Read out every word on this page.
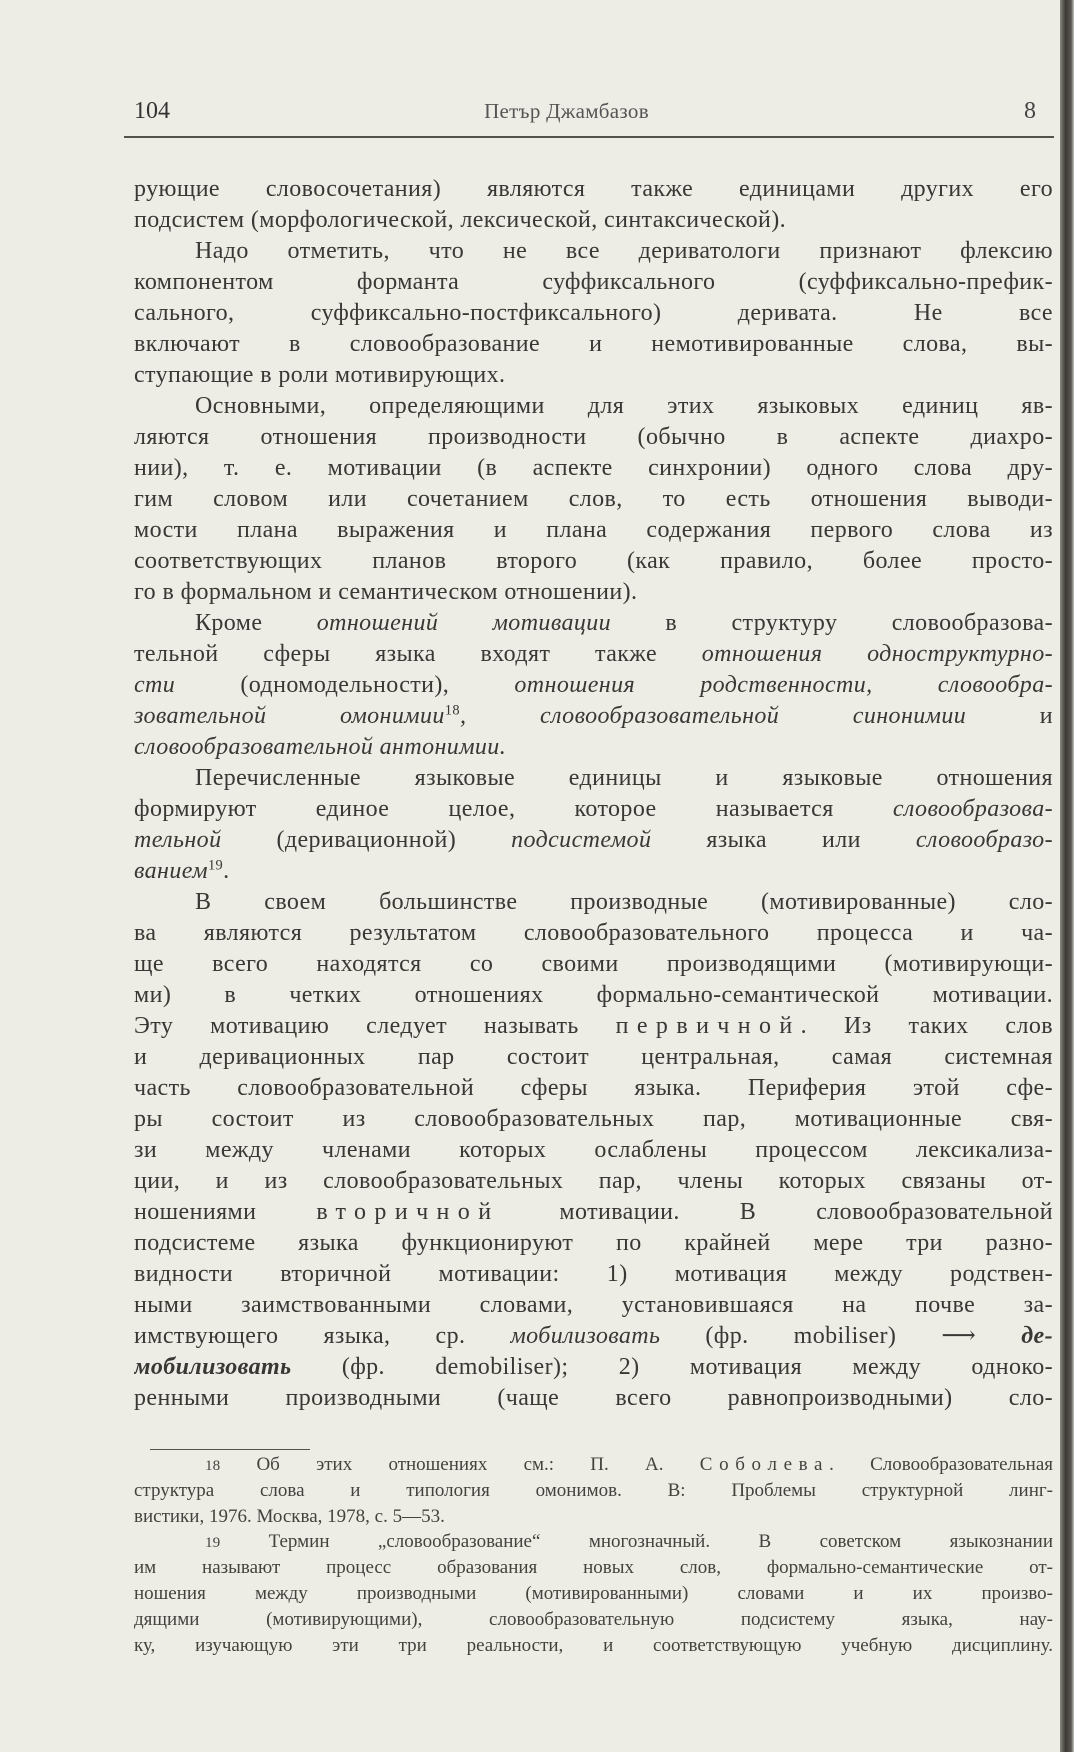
104	Петър Джамбазов	8
рующие словосочетания) являются также единицами других его
подсистем (морфологической, лексической, синтаксической).
Надо отметить, что не все дериватологи признают флексию
компонентом форманта суффиксального (суффиксально-префик-
сального, суффиксально-постфиксального) деривата. Не все
включают в словообразование и немотивированные слова, вы-
ступающие в роли мотивирующих.
Основными, определяющими для этих языковых единиц яв-
ляются отношения производности (обычно в аспекте диахро-
нии), т. е. мотивации (в аспекте синхронии) одного слова дру-
гим словом или сочетанием слов, то есть отношения выводи-
мости плана выражения и плана содержания первого слова из
соответствующих планов второго (как правило, более просто-
го в формальном и семантическом отношении).
Кроме отношений мотивации в структуру словообразова-
тельной сферы языка входят также отношения одноструктурно-
сти (одномодельности), отношения родственности, словообра-
зовательной омонимии$^{18}$, словообразовательной синонимии и
словообразовательной антонимии.
Перечисленные языковые единицы и языковые отношения
формируют единое целое, которое называется словообразова-
тельной (деривационной) подсистемой языка или словообразо-
ванием$^{19}$.
В своем большинстве производные (мотивированные) сло-
ва являются результатом словообразовательного процесса и ча-
ще всего находятся со своими производящими (мотивирующи-
ми) в четких отношениях формально-семантической мотивации.
Эту мотивацию следует называть первичной. Из таких слов
и деривационных пар состоит центральная, самая системная
часть словообразовательной сферы языка. Периферия этой сфе-
ры состоит из словообразовательных пар, мотивационные свя-
зи между членами которых ослаблены процессом лексикализа-
ции, и из словообразовательных пар, члены которых связаны от-
ношениями вторичной мотивации. В словообразовательной
подсистеме языка функционируют по крайней мере три разно-
видности вторичной мотивации: 1) мотивация между родствен-
ными заимствованными словами, установившаяся на почве за-
имствующего языка, ср. мобилизовать (фр. mobiliser) ⟶ де-
мобилизовать (фр. demobiliser); 2) мотивация между одноко-
ренными производными (чаще всего равнопроизводными) сло-
18 Об этих отношениях см.: П. А. Соболева. Словообразовательная
структура слова и типология омонимов. В: Проблемы структурной линг-
вистики, 1976. Москва, 1978, с. 5—53.
19 Термин „словообразование“ многозначный. В советском языкознании
им называют процесс образования новых слов, формально-семантические от-
ношения между производными (мотивированными) словами и их произво-
дящими (мотивирующими), словообразовательную подсистему языка, нау-
ку, изучающую эти три реальности, и соответствующую учебную дисциплину.
